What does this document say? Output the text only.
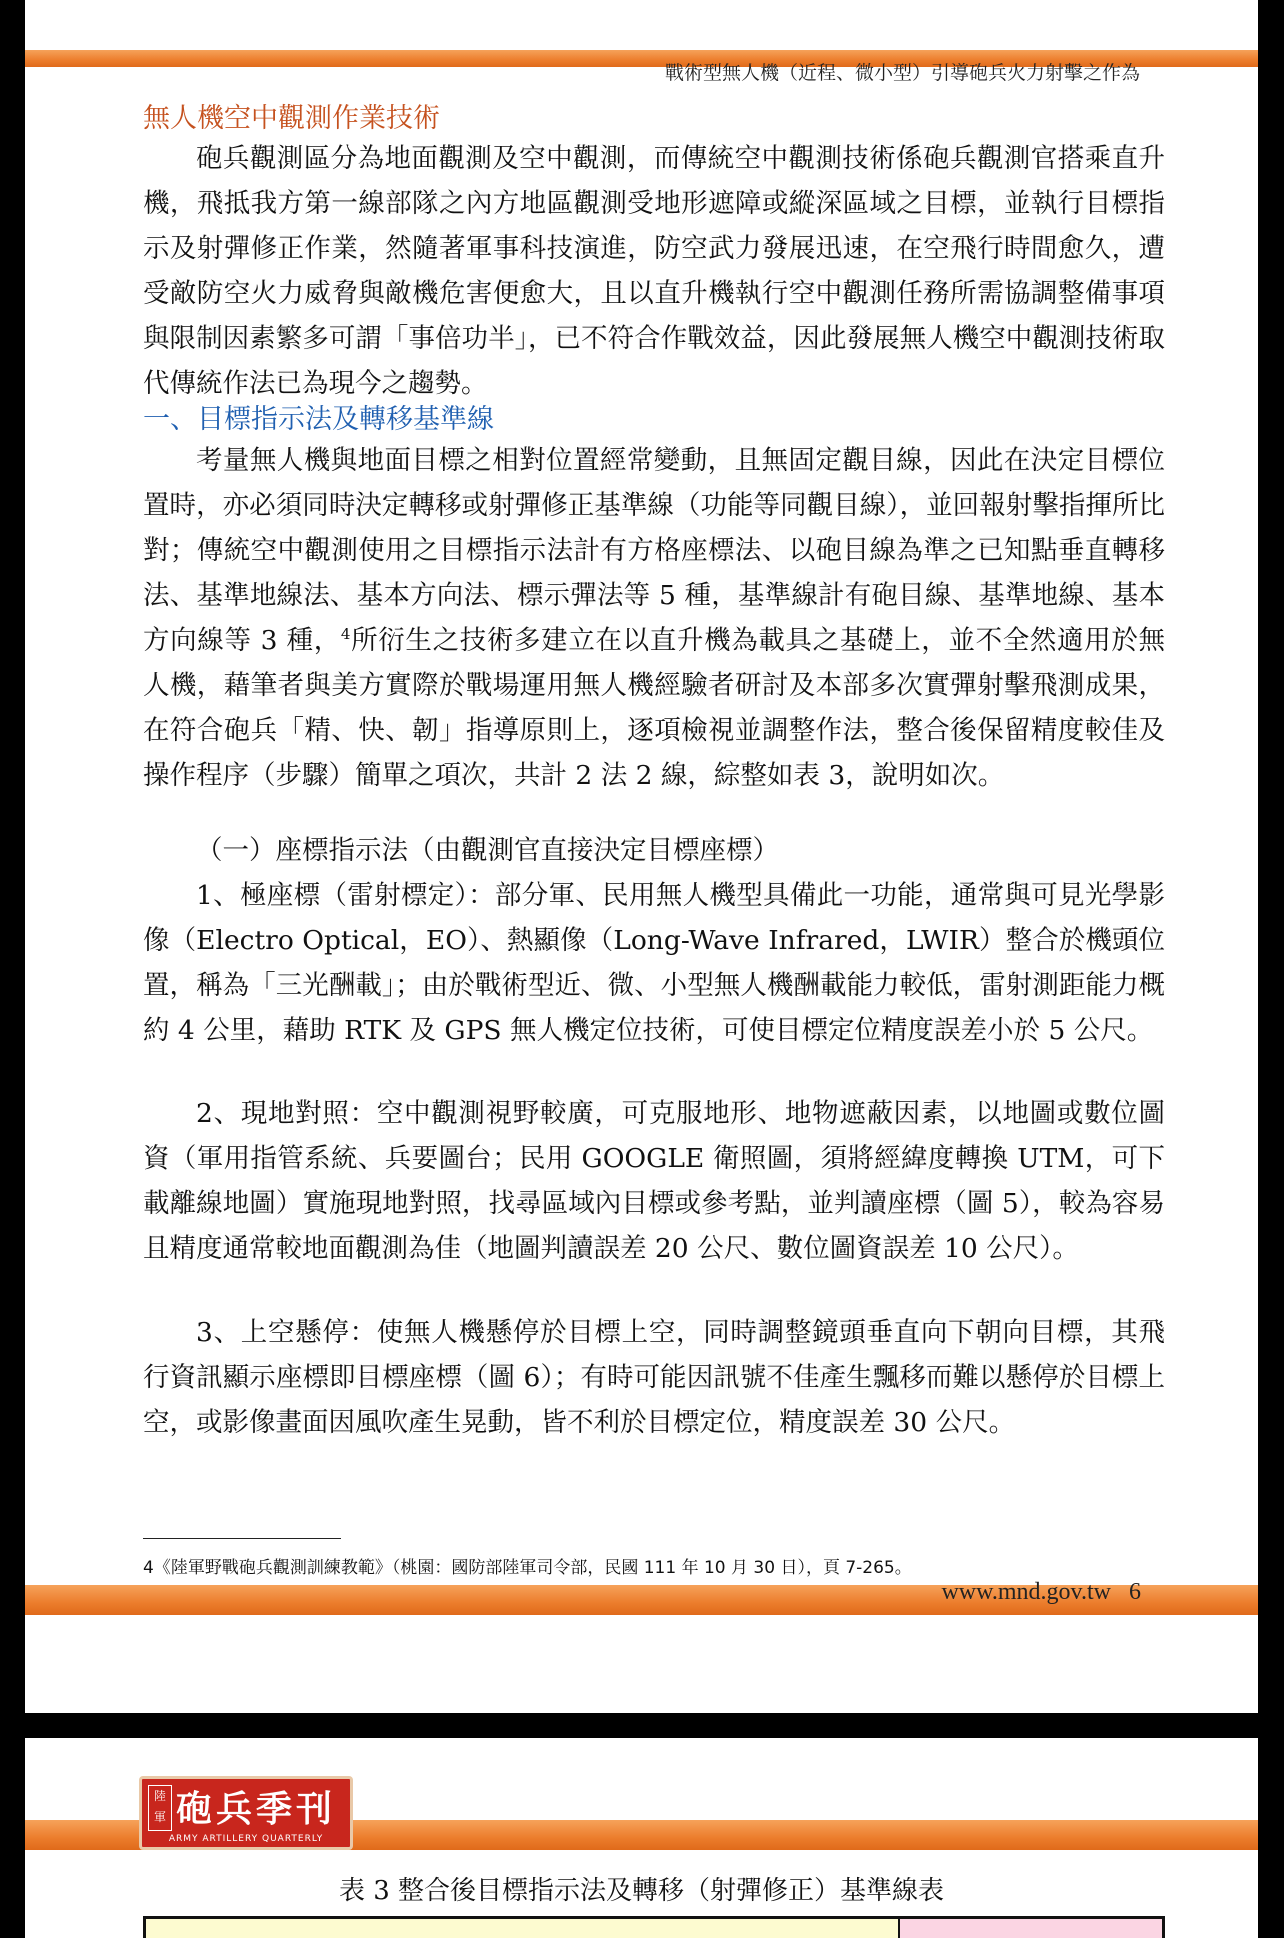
戰術型無人機（近程、微小型）引導砲兵火力射擊之作為
無人機空中觀測作業技術

砲兵觀測區分為地面觀測及空中觀測，而傳統空中觀測技術係砲兵觀測官搭乘直升機，飛抵我方第一線部隊之內方地區觀測受地形遮障或縱深區域之目標，並執行目標指示及射彈修正作業，然隨著軍事科技演進，防空武力發展迅速，在空飛行時間愈久，遭受敵防空火力威脅與敵機危害便愈大，且以直升機執行空中觀測任務所需協調整備事項與限制因素繁多可謂「事倍功半」，已不符合作戰效益，因此發展無人機空中觀測技術取代傳統作法已為現今之趨勢。

一、目標指示法及轉移基準線

考量無人機與地面目標之相對位置經常變動，且無固定觀目線，因此在決定目標位置時，亦必須同時決定轉移或射彈修正基準線（功能等同觀目線），並回報射擊指揮所比對；傳統空中觀測使用之目標指示法計有方格座標法、以砲目線為準之已知點垂直轉移法、基準地線法、基本方向法、標示彈法等 5 種，基準線計有砲目線、基準地線、基本方向線等 3 種，$^4$所衍生之技術多建立在以直升機為載具之基礎上，並不全然適用於無人機，藉筆者與美方實際於戰場運用無人機經驗者研討及本部多次實彈射擊飛測成果，在符合砲兵「精、快、韌」指導原則上，逐項檢視並調整作法，整合後保留精度較佳及操作程序（步驟）簡單之項次，共計 2 法 2 線，綜整如表 3，說明如次。

（一）座標指示法（由觀測官直接決定目標座標）

1、極座標（雷射標定）：部分軍、民用無人機型具備此一功能，通常與可見光學影像（Electro Optical，EO）、熱顯像（Long-Wave Infrared，LWIR）整合於機頭位置，稱為「三光酬載」；由於戰術型近、微、小型無人機酬載能力較低，雷射測距能力概約 4 公里，藉助 RTK 及 GPS 無人機定位技術，可使目標定位精度誤差小於 5 公尺。

2、現地對照：空中觀測視野較廣，可克服地形、地物遮蔽因素，以地圖或數位圖資（軍用指管系統、兵要圖台；民用 GOOGLE 衛照圖，須將經緯度轉換 UTM，可下載離線地圖）實施現地對照，找尋區域內目標或參考點，並判讀座標（圖 5），較為容易且精度通常較地面觀測為佳（地圖判讀誤差 20 公尺、數位圖資誤差 10 公尺）。

3、上空懸停：使無人機懸停於目標上空，同時調整鏡頭垂直向下朝向目標，其飛行資訊顯示座標即目標座標（圖 6）；有時可能因訊號不佳產生飄移而難以懸停於目標上空，或影像畫面因風吹產生晃動，皆不利於目標定位，精度誤差 30 公尺。

4《陸軍野戰砲兵觀測訓練教範》（桃園：國防部陸軍司令部，民國 111 年 10 月 30 日），頁 7-265。
www.mnd.gov.tw 6
陸軍 砲兵季刊
ARMY ARTILLERY QUARTERLY
表 3 整合後目標指示法及轉移（射彈修正）基準線表
